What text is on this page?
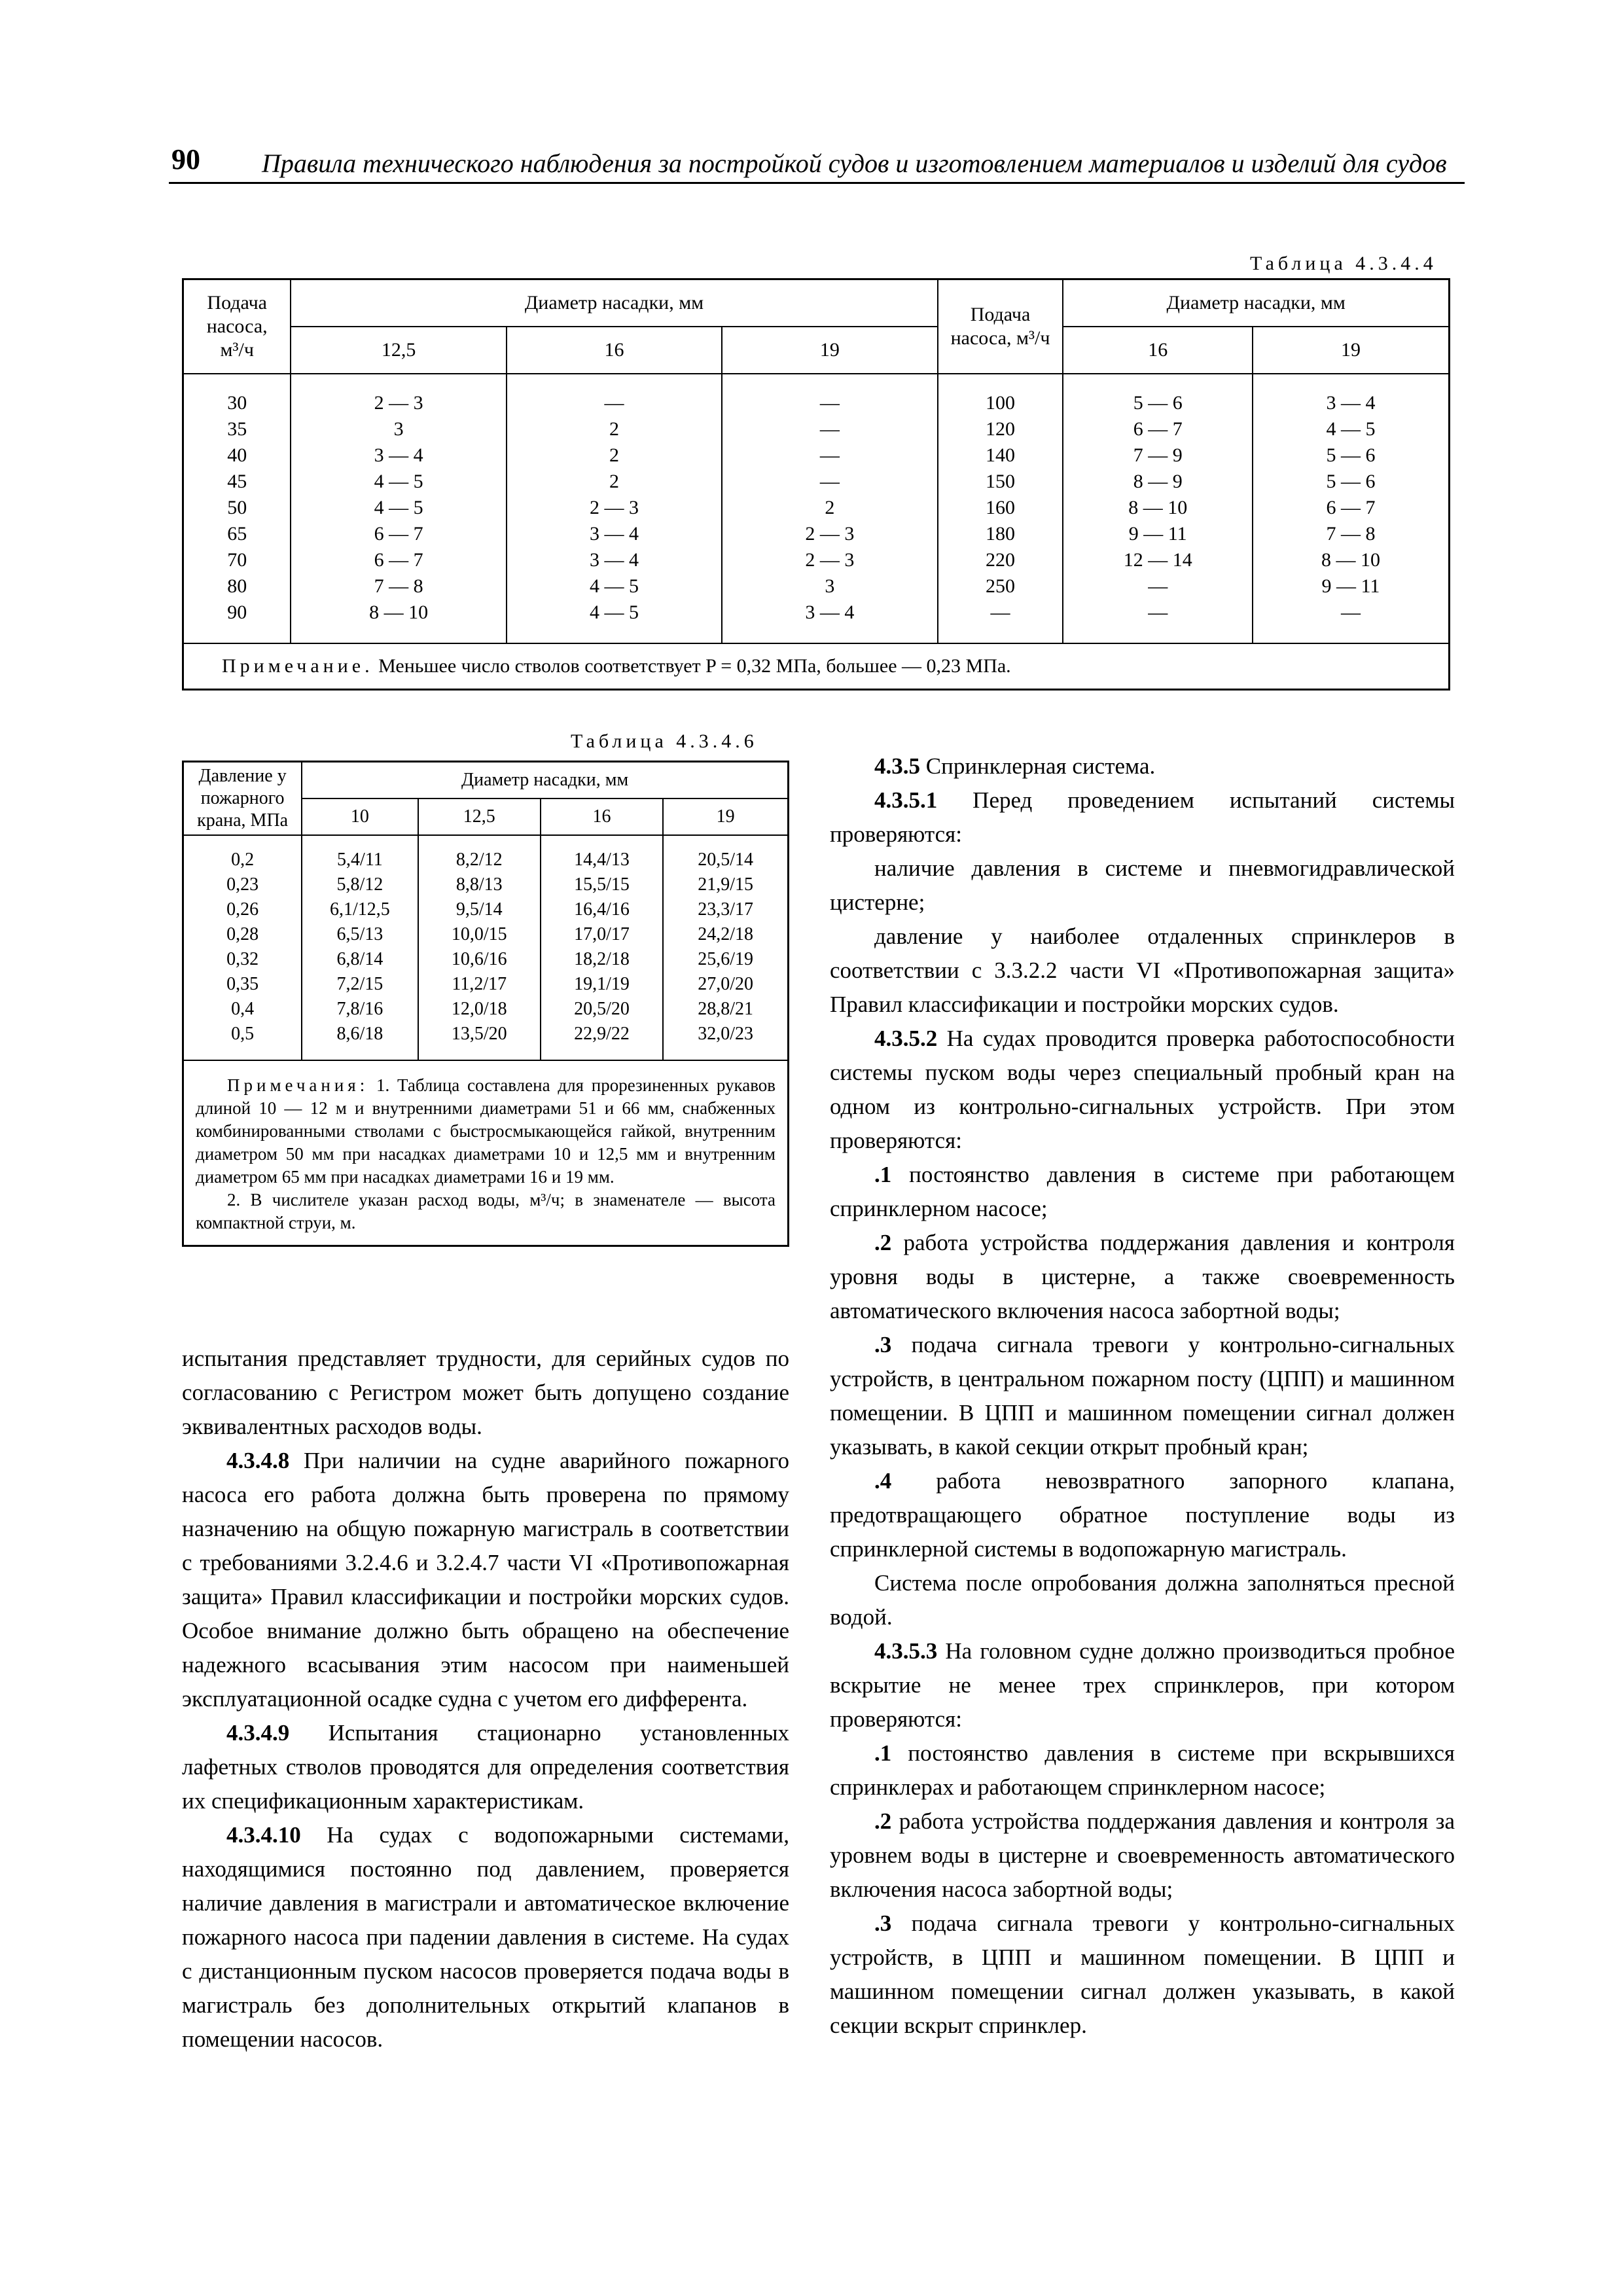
90 Правила технического наблюдения за постройкой судов и изготовлением материалов и изделий для судов
Таблица 4.3.4.4
Подача насоса, м³/ч	Диаметр насадки, мм			Подача насоса, м³/ч	Диаметр насадки, мм	
	12,5	16	19		16	19
30	2 — 3	—	—	100	5 — 6	3 — 4
35	3	2	—	120	6 — 7	4 — 5
40	3 — 4	2	—	140	7 — 9	5 — 6
45	4 — 5	2	—	150	8 — 9	5 — 6
50	4 — 5	2 — 3	2	160	8 — 10	6 — 7
65	6 — 7	3 — 4	2 — 3	180	9 — 11	7 — 8
70	6 — 7	3 — 4	2 — 3	220	12 — 14	8 — 10
80	7 — 8	4 — 5	3	250	—	9 — 11
90	8 — 10	4 — 5	3 — 4	—	—	—
Примечание. Меньшее число стволов соответствует P = 0,32 МПа, большее — 0,23 МПа.						
Таблица 4.3.4.6
Давление у пожарного крана, МПа	Диаметр насадки, мм			
	10	12,5	16	19
0,2	5,4/11	8,2/12	14,4/13	20,5/14
0,23	5,8/12	8,8/13	15,5/15	21,9/15
0,26	6,1/12,5	9,5/14	16,4/16	23,3/17
0,28	6,5/13	10,0/15	17,0/17	24,2/18
0,32	6,8/14	10,6/16	18,2/18	25,6/19
0,35	7,2/15	11,2/17	19,1/19	27,0/20
0,4	7,8/16	12,0/18	20,5/20	28,8/21
0,5	8,6/18	13,5/20	22,9/22	32,0/23

Примечания: 1. Таблица составлена для прорезиненных рукавов длиной 10 — 12 м и внутренними диаметрами 51 и 66 мм, снабженных комбинированными стволами с быстросмыкающейся гайкой, внутренним диаметром 50 мм при насадках диаметрами 10 и 12,5 мм и внутренним диаметром 65 мм при насадках диаметрами 16 и 19 мм.
2. В числителе указан расход воды, м³/ч; в знаменателе — высота компактной струи, м.				

испытания представляет трудности, для серийных судов по согласованию с Регистром может быть допущено создание эквивалентных расходов воды.

4.3.4.8 При наличии на судне аварийного пожарного насоса его работа должна быть проверена по прямому назначению на общую пожарную магистраль в соответствии с требованиями 3.2.4.6 и 3.2.4.7 части VI «Противопожарная защита» Правил классификации и постройки морских судов. Особое внимание должно быть обращено на обеспечение надежного всасывания этим насосом при наименьшей эксплуатационной осадке судна с учетом его дифферента.

4.3.4.9 Испытания стационарно установленных лафетных стволов проводятся для определения соответствия их спецификационным характеристикам.

4.3.4.10 На судах с водопожарными системами, находящимися постоянно под давлением, проверяется наличие давления в магистрали и автоматическое включение пожарного насоса при падении давления в системе. На судах с дистанционным пуском насосов проверяется подача воды в магистраль без дополнительных открытий клапанов в помещении насосов.

4.3.5 Спринклерная система.

4.3.5.1 Перед проведением испытаний системы проверяются:

наличие давления в системе и пневмогидравлической цистерне;

давление у наиболее отдаленных спринклеров в соответствии с 3.3.2.2 части VI «Противопожарная защита» Правил классификации и постройки морских судов.

4.3.5.2 На судах проводится проверка работоспособности системы пуском воды через специальный пробный кран на одном из контрольно-сигнальных устройств. При этом проверяются:

.1 постоянство давления в системе при работающем спринклерном насосе;

.2 работа устройства поддержания давления и контроля уровня воды в цистерне, а также своевременность автоматического включения насоса забортной воды;

.3 подача сигнала тревоги у контрольно-сигнальных устройств, в центральном пожарном посту (ЦПП) и машинном помещении. В ЦПП и машинном помещении сигнал должен указывать, в какой секции открыт пробный кран;

.4 работа невозвратного запорного клапана, предотвращающего обратное поступление воды из спринклерной системы в водопожарную магистраль.

Система после опробования должна заполняться пресной водой.

4.3.5.3 На головном судне должно производиться пробное вскрытие не менее трех спринклеров, при котором проверяются:

.1 постоянство давления в системе при вскрывшихся спринклерах и работающем спринклерном насосе;

.2 работа устройства поддержания давления и контроля за уровнем воды в цистерне и своевременность автоматического включения насоса забортной воды;

.3 подача сигнала тревоги у контрольно-сигнальных устройств, в ЦПП и машинном помещении. В ЦПП и машинном помещении сигнал должен указывать, в какой секции вскрыт спринклер.
